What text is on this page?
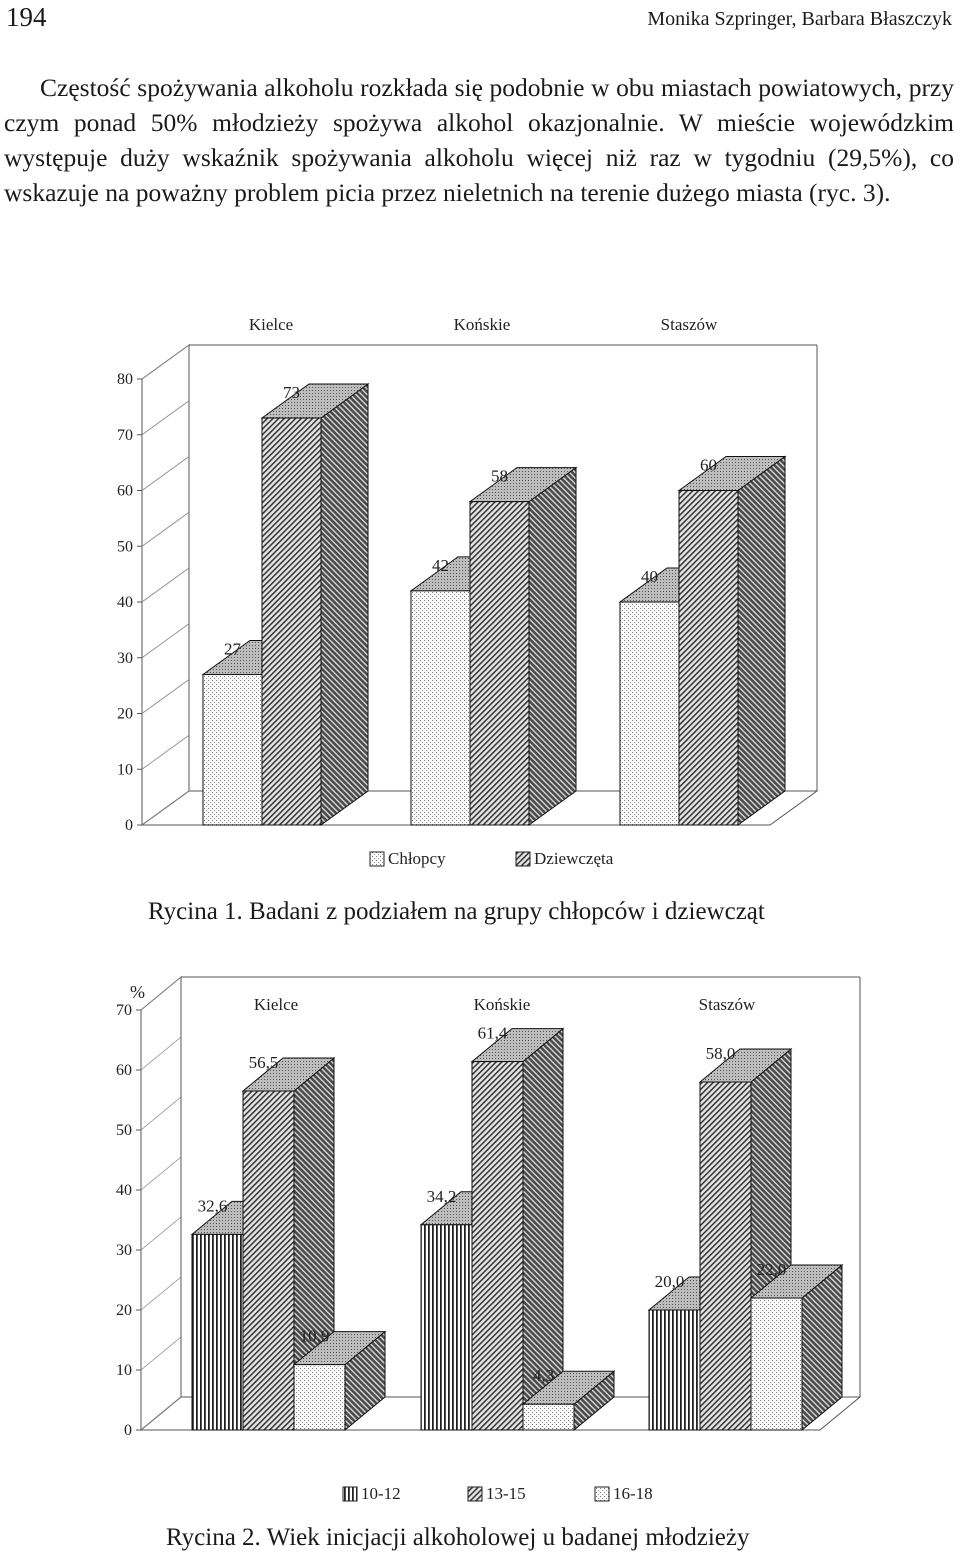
194	Monika Szpringer, Barbara Błaszczyk

Częstość spożywania alkoholu rozkłada się podobnie w obu miastach powiatowych, przy czym ponad 50% młodzieży spożywa alkohol okazjonalnie. W mieście wojewódzkim występuje duży wskaźnik spożywania alkoholu więcej niż raz w tygodniu (29,5%), co wskazuje na poważny problem picia przez nieletnich na terenie dużego miasta (ryc. 3).

0
10
20
30
40
50
60
70
80
Kielce	Końskie	Staszów
27
73
42
58
40
60
Chłopcy	Dziewczęta
Rycina 1. Badani z podziałem na grupy chłopców i dziewcząt
0
10
20
30
40
50
60
70
%
Kielce	Końskie	Staszów
32,6
56,5
10,9
34,2
61,4
4,3
20,0
58,0
22,0
10-12	13-15	16-18
Rycina 2. Wiek inicjacji alkoholowej u badanej młodzieży
